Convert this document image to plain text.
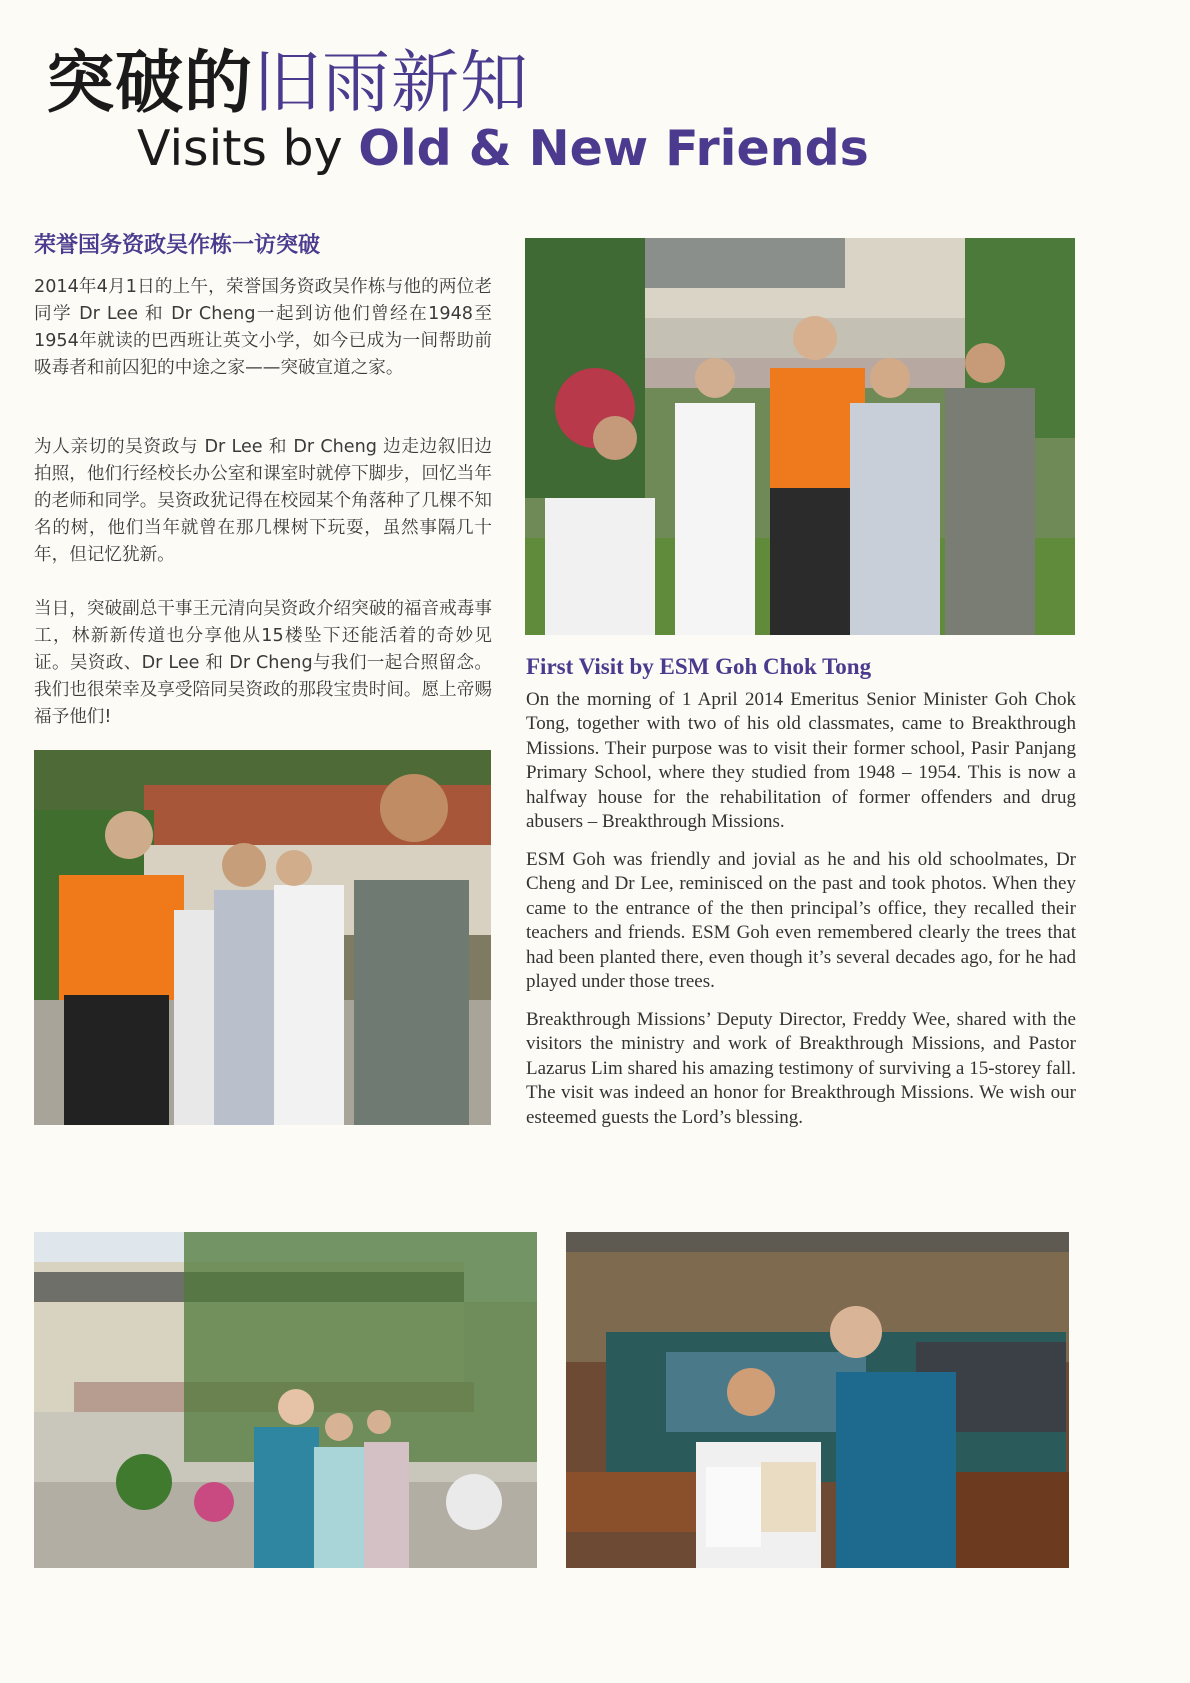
突破的旧雨新知
Visits by Old & New Friends
荣誉国务资政吴作栋一访突破
2014年4月1日的上午，荣誉国务资政吴作栋与他的两位老同学 Dr Lee 和 Dr Cheng一起到访他们曾经在1948至1954年就读的巴西班让英文小学，如今已成为一间帮助前吸毒者和前囚犯的中途之家——突破宣道之家。
为人亲切的吴资政与 Dr Lee 和 Dr Cheng 边走边叙旧边拍照，他们行经校长办公室和课室时就停下脚步，回忆当年的老师和同学。吴资政犹记得在校园某个角落种了几棵不知名的树，他们当年就曾在那几棵树下玩耍，虽然事隔几十年，但记忆犹新。
当日，突破副总干事王元清向吴资政介绍突破的福音戒毒事工，林新新传道也分享他从15楼坠下还能活着的奇妙见证。吴资政、Dr Lee 和 Dr Cheng与我们一起合照留念。我们也很荣幸及享受陪同吴资政的那段宝贵时间。愿上帝赐福予他们!
First Visit by ESM Goh Chok Tong
On the morning of 1 April 2014 Emeritus Senior Minister Goh Chok Tong, together with two of his old classmates, came to Breakthrough Missions. Their purpose was to visit their former school, Pasir Panjang Primary School, where they studied from 1948 – 1954. This is now a halfway house for the rehabilitation of former offenders and drug abusers – Breakthrough Missions.
ESM Goh was friendly and jovial as he and his old schoolmates, Dr Cheng and Dr Lee, reminisced on the past and took photos. When they came to the entrance of the then principal’s office, they recalled their teachers and friends. ESM Goh even remembered clearly the trees that had been planted there, even though it’s several decades ago, for he had played under those trees.
Breakthrough Missions’ Deputy Director, Freddy Wee, shared with the visitors the ministry and work of Breakthrough Missions, and Pastor Lazarus Lim shared his amazing testimony of surviving a 15-storey fall. The visit was indeed an honor for Breakthrough Missions. We wish our esteemed guests the Lord’s blessing.
